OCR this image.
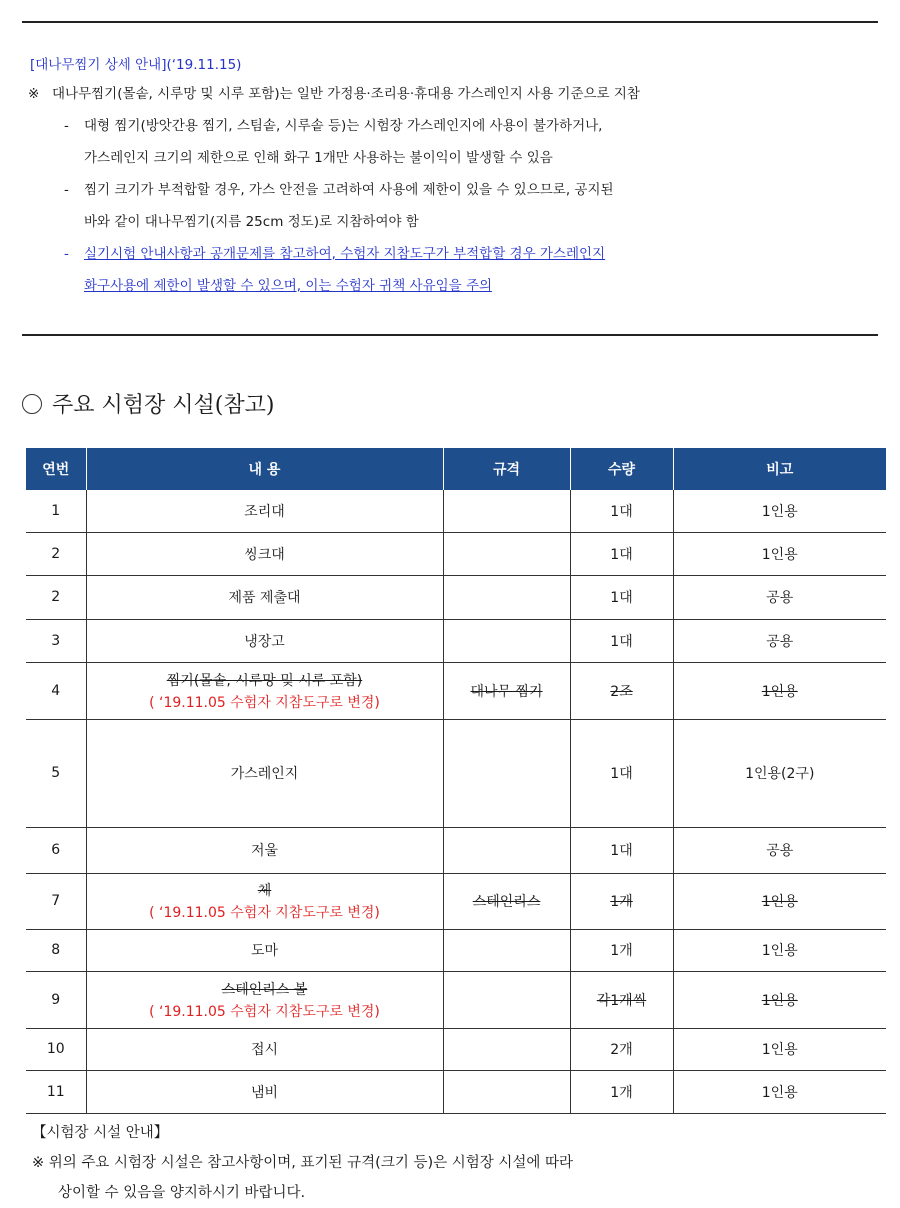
[대나무찜기 상세 안내](‘19.11.15)
※ 대나무찜기(몰솥, 시루망 및 시루 포함)는 일반 가정용·조리용·휴대용 가스레인지 사용 기준으로 지참
- 대형 찜기(방앗간용 찜기, 스팀솥, 시루솥 등)는 시험장 가스레인지에 사용이 불가하거나,
가스레인지 크기의 제한으로 인해 화구 1개만 사용하는 불이익이 발생할 수 있음
- 찜기 크기가 부적합할 경우, 가스 안전을 고려하여 사용에 제한이 있을 수 있으므로, 공지된
바와 같이 대나무찜기(지름 25cm 정도)로 지참하여야 함
- 실기시험 안내사항과 공개문제를 참고하여, 수험자 지참도구가 부적합할 경우 가스레인지
화구사용에 제한이 발생할 수 있으며, 이는 수험자 귀책 사유임을 주의
주요 시험장 시설(참고)
연번	내 용	규격	수량	비고
1	조리대		1대	1인용
2	씽크대		1대	1인용
2	제품 제출대		1대	공용
3	냉장고		1대	공용
4	찜기(몰솥, 시루망 및 시루 포함)
( ‘19.11.05 수험자 지참도구로 변경)	대나무 찜기	2조	1인용
5	가스레인지		1대	1인용(2구)
6	저울		1대	공용
7	체
( ‘19.11.05 수험자 지참도구로 변경)	스테인리스	1개	1인용
8	도마		1개	1인용
9	스테인리스 볼
( ‘19.11.05 수험자 지참도구로 변경)		각1개씩	1인용
10	접시		2개	1인용
11	냄비		1개	1인용
【시험장 시설 안내】
※ 위의 주요 시험장 시설은 참고사항이며, 표기된 규격(크기 등)은 시험장 시설에 따라
상이할 수 있음을 양지하시기 바랍니다.
